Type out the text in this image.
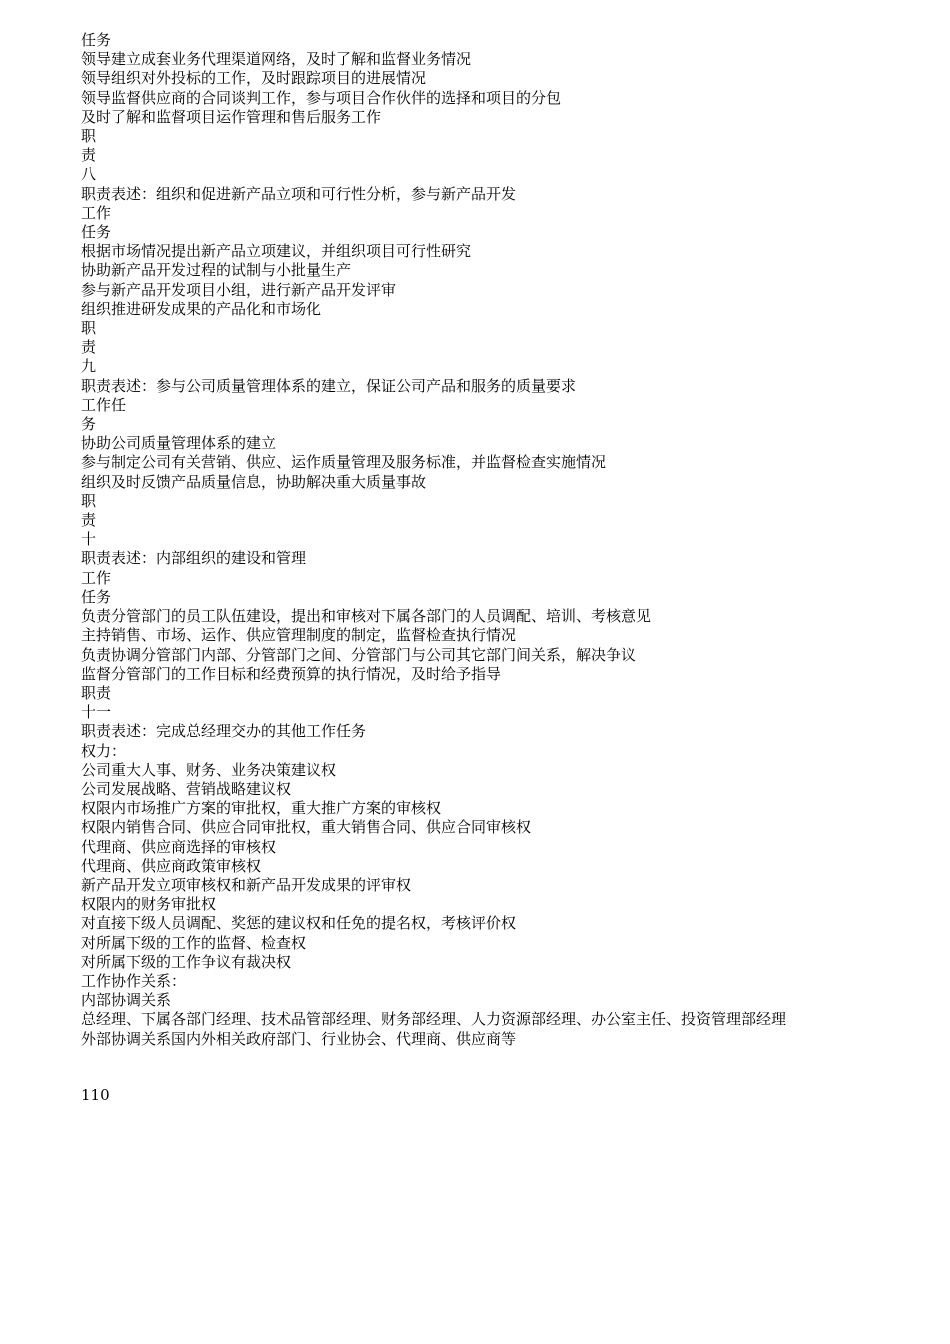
任务
领导建立成套业务代理渠道网络，及时了解和监督业务情况
领导组织对外投标的工作，及时跟踪项目的进展情况
领导监督供应商的合同谈判工作，参与项目合作伙伴的选择和项目的分包
及时了解和监督项目运作管理和售后服务工作
职
责
八
职责表述：组织和促进新产品立项和可行性分析，参与新产品开发
工作
任务
根据市场情况提出新产品立项建议，并组织项目可行性研究
协助新产品开发过程的试制与小批量生产
参与新产品开发项目小组，进行新产品开发评审
组织推进研发成果的产品化和市场化
职
责
九
职责表述：参与公司质量管理体系的建立，保证公司产品和服务的质量要求
工作任
务
协助公司质量管理体系的建立
参与制定公司有关营销、供应、运作质量管理及服务标准，并监督检查实施情况
组织及时反馈产品质量信息，协助解决重大质量事故
职
责
十
职责表述：内部组织的建设和管理
工作
任务
负责分管部门的员工队伍建设，提出和审核对下属各部门的人员调配、培训、考核意见
主持销售、市场、运作、供应管理制度的制定，监督检查执行情况
负责协调分管部门内部、分管部门之间、分管部门与公司其它部门间关系，解决争议
监督分管部门的工作目标和经费预算的执行情况，及时给予指导
职责
十一
职责表述：完成总经理交办的其他工作任务
权力：
公司重大人事、财务、业务决策建议权
公司发展战略、营销战略建议权
权限内市场推广方案的审批权，重大推广方案的审核权
权限内销售合同、供应合同审批权，重大销售合同、供应合同审核权
代理商、供应商选择的审核权
代理商、供应商政策审核权
新产品开发立项审核权和新产品开发成果的评审权
权限内的财务审批权
对直接下级人员调配、奖惩的建议权和任免的提名权，考核评价权
对所属下级的工作的监督、检查权
对所属下级的工作争议有裁决权
工作协作关系：
内部协调关系
总经理、下属各部门经理、技术品管部经理、财务部经理、人力资源部经理、办公室主任、投资管理部经理
外部协调关系国内外相关政府部门、行业协会、代理商、供应商等
110
